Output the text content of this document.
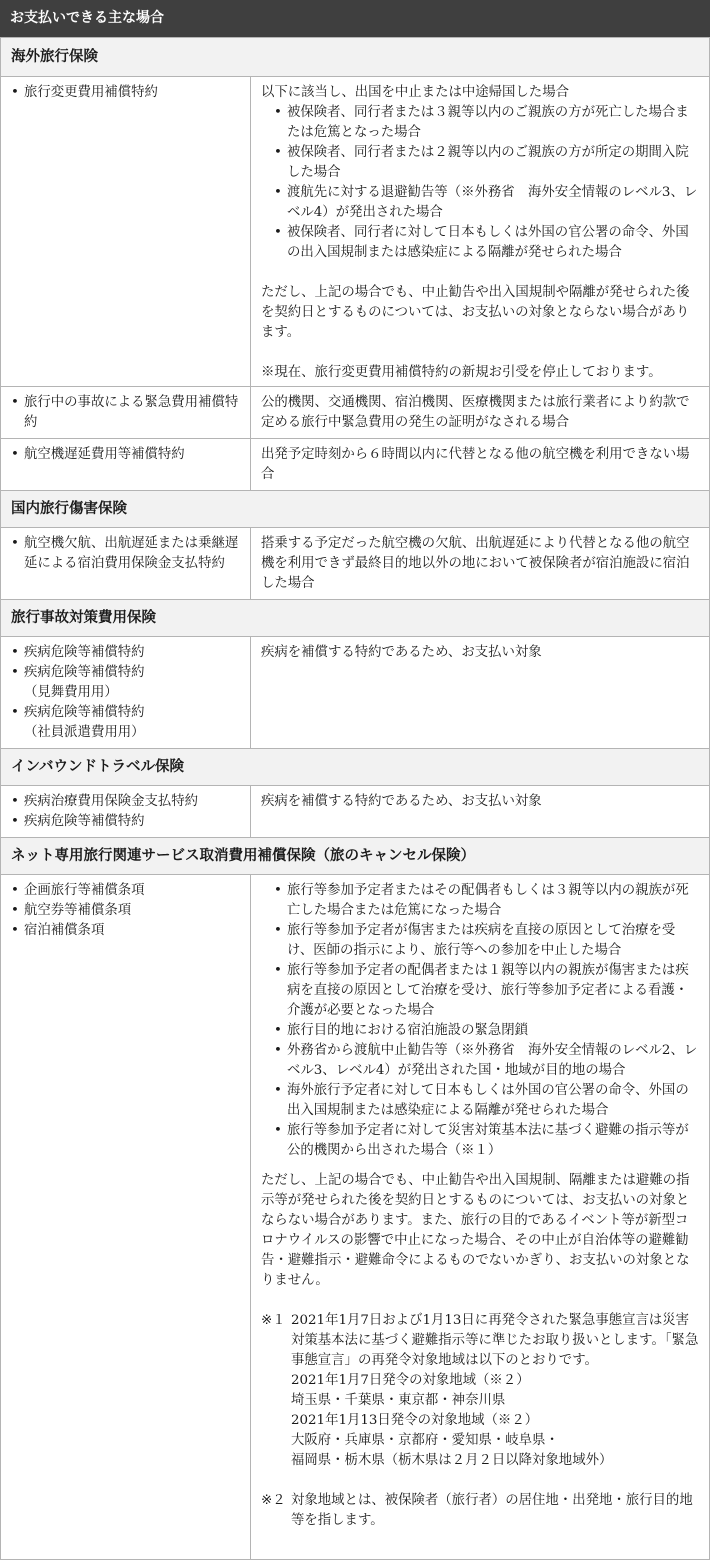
お支払いできる主な場合
海外旅行保険
• 旅行変更費用補償特約	以下に該当し、出国を中止または中途帰国した場合
• 被保険者、同行者または３親等以内のご親族の方が死亡した場合または危篤となった場合
• 被保険者、同行者または２親等以内のご親族の方が所定の期間入院した場合
• 渡航先に対する退避勧告等（※外務省　海外安全情報のレベル3、レベル4）が発出された場合
• 被保険者、同行者に対して日本もしくは外国の官公署の命令、外国の出入国規制または感染症による隔離が発せられた場合
ただし、上記の場合でも、中止勧告や出入国規制や隔離が発せられた後を契約日とするものについては、お支払いの対象とならない場合があります。
※現在、旅行変更費用補償特約の新規お引受を停止しております。
• 旅行中の事故による緊急費用補償特約
公的機関、交通機関、宿泊機関、医療機関または旅行業者により約款で定める旅行中緊急費用の発生の証明がなされる場合
• 航空機遅延費用等補償特約	出発予定時刻から６時間以内に代替となる他の航空機を利用できない場合
国内旅行傷害保険
• 航空機欠航、出航遅延または乗継遅延による宿泊費用保険金支払特約
搭乗する予定だった航空機の欠航、出航遅延により代替となる他の航空機を利用できず最終目的地以外の地において被保険者が宿泊施設に宿泊した場合
旅行事故対策費用保険
• 疾病危険等補償特約
• 疾病危険等補償特約
（見舞費用用）
• 疾病危険等補償特約
（社員派遣費用用）
疾病を補償する特約であるため、お支払い対象
インバウンドトラベル保険
• 疾病治療費用保険金支払特約
• 疾病危険等補償特約
疾病を補償する特約であるため、お支払い対象
ネット専用旅行関連サービス取消費用補償保険（旅のキャンセル保険）
• 企画旅行等補償条項
• 航空券等補償条項
• 宿泊補償条項
• 旅行等参加予定者またはその配偶者もしくは３親等以内の親族が死亡した場合または危篤になった場合
• 旅行等参加予定者が傷害または疾病を直接の原因として治療を受け、医師の指示により、旅行等への参加を中止した場合
• 旅行等参加予定者の配偶者または１親等以内の親族が傷害または疾病を直接の原因として治療を受け、旅行等参加予定者による看護・介護が必要となった場合
• 旅行目的地における宿泊施設の緊急閉鎖
• 外務省から渡航中止勧告等（※外務省　海外安全情報のレベル2、レベル3、レベル4）が発出された国・地域が目的地の場合
• 海外旅行予定者に対して日本もしくは外国の官公署の命令、外国の出入国規制または感染症による隔離が発せられた場合
• 旅行等参加予定者に対して災害対策基本法に基づく避難の指示等が公的機関から出された場合（※１）
ただし、上記の場合でも、中止勧告や出入国規制、隔離または避難の指示等が発せられた後を契約日とするものについては、お支払いの対象とならない場合があります。また、旅行の目的であるイベント等が新型コロナウイルスの影響で中止になった場合、その中止が自治体等の避難勧告・避難指示・避難命令によるものでないかぎり、お支払いの対象となりません。
※１ 2021年1月7日および1月13日に再発令された緊急事態宣言は災害対策基本法に基づく避難指示等に準じたお取り扱いとします。「緊急事態宣言」の再発令対象地域は以下のとおりです。
2021年1月7日発令の対象地域（※２）
埼玉県・千葉県・東京都・神奈川県
2021年1月13日発令の対象地域（※２）
大阪府・兵庫県・京都府・愛知県・岐阜県・
福岡県・栃木県（栃木県は２月２日以降対象地域外）
※２ 対象地域とは、被保険者（旅行者）の居住地・出発地・旅行目的地等を指します。
